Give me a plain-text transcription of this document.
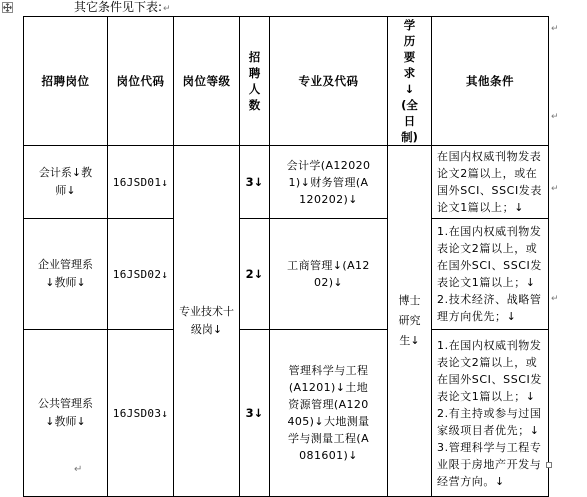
其它条件见下表:↵
招聘岗位	岗位代码	岗位等级	招聘人数	专业及代码	学历要求↓(全日制)	其他条件
会计系↓教师↓	16JSD01↓	专业技术十级岗↓	3↓	会计学(A120201)↓财务管理(A120202)↓	博士研究生↓	在国内权威刊物发表论文2篇以上，或在国外SCI、SSCI发表论文1篇以上；↓

企业管理系↓教师↓	16JSD02↓		2↓	工商管理↓(A1202)↓		1.在国内权威刊物发表论文2篇以上，或在国外SCI、SSCI发表论文1篇以上；↓2.技术经济、战略管理方向优先；↓

公共管理系↓教师↓	16JSD03↓		3↓	管理科学与工程(A1201)↓土地资源管理(A120405)↓大地测量学与测量工程(A081601)↓		1.在国内权威刊物发表论文2篇以上，或在国外SCI、SSCI发表论文1篇以上；↓2.有主持或参与过国家级项目者优先；↓3.管理科学与工程专业限于房地产开发与经营方向。↓
↵
↵
↵
↵
↵
